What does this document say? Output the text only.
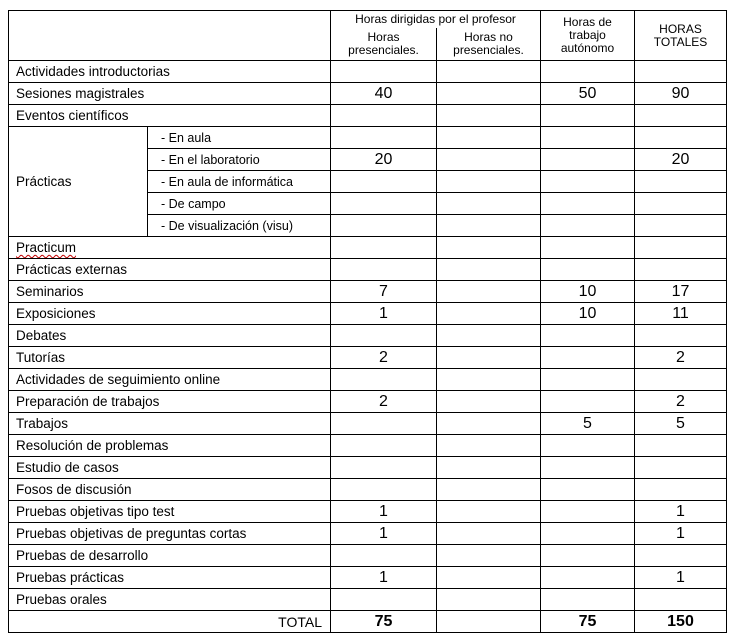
		Horas dirigidas por el profesor		Horas de trabajo autónomo	HORAS TOTALES
		Horas presenciales.	Horas no presenciales.		
Actividades introductorias					
Sesiones magistrales		40		50	90
Eventos científicos					
Prácticas	- En aula				
	- En el laboratorio	20			20
	- En aula de informática				
	- De campo				
	- De visualización (visu)				
Practicum					
Prácticas externas					
Seminarios		7		10	17
Exposiciones		1		10	11
Debates					
Tutorías		2			2
Actividades de seguimiento online					
Preparación de trabajos		2			2
Trabajos				5	5
Resolución de problemas					
Estudio de casos					
Fosos de discusión					
Pruebas objetivas tipo test		1			1
Pruebas objetivas de preguntas cortas		1			1
Pruebas de desarrollo					
Pruebas prácticas		1			1
Pruebas orales					
TOTAL		75		75	150
